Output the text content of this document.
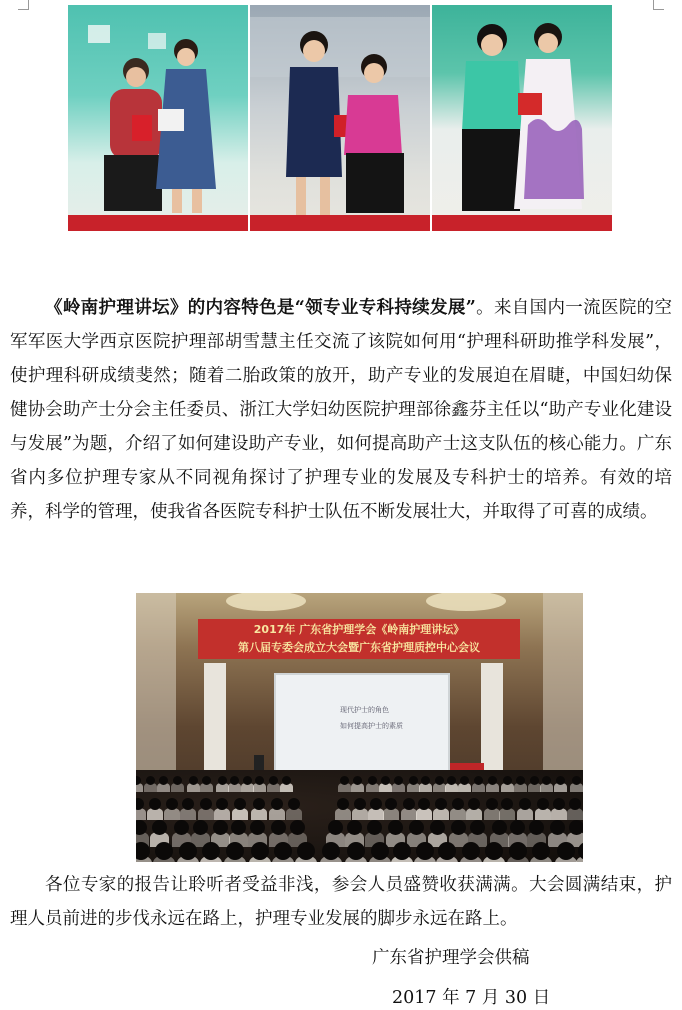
《岭南护理讲坛》的内容特色是“领专业专科持续发展”。来自国内一流医院的空军军医大学西京医院护理部胡雪慧主任交流了该院如何用“护理科研助推学科发展”，使护理科研成绩斐然；随着二胎政策的放开，助产专业的发展迫在眉睫，中国妇幼保健协会助产士分会主任委员、浙江大学妇幼医院护理部徐鑫芬主任以“助产专业化建设与发展”为题，介绍了如何建设助产专业，如何提高助产士这支队伍的核心能力。广东省内多位护理专家从不同视角探讨了护理专业的发展及专科护士的培养。有效的培养，科学的管理，使我省各医院专科护士队伍不断发展壮大，并取得了可喜的成绩。

2017年 广东省护理学会《岭南护理讲坛》
第八届专委会成立大会暨广东省护理质控中心会议
现代护士的角色
如何提高护士的素质

各位专家的报告让聆听者受益非浅，参会人员盛赞收获满满。大会圆满结束，护理人员前进的步伐永远在路上，护理专业发展的脚步永远在路上。

广东省护理学会供稿
2017 年 7 月 30 日
